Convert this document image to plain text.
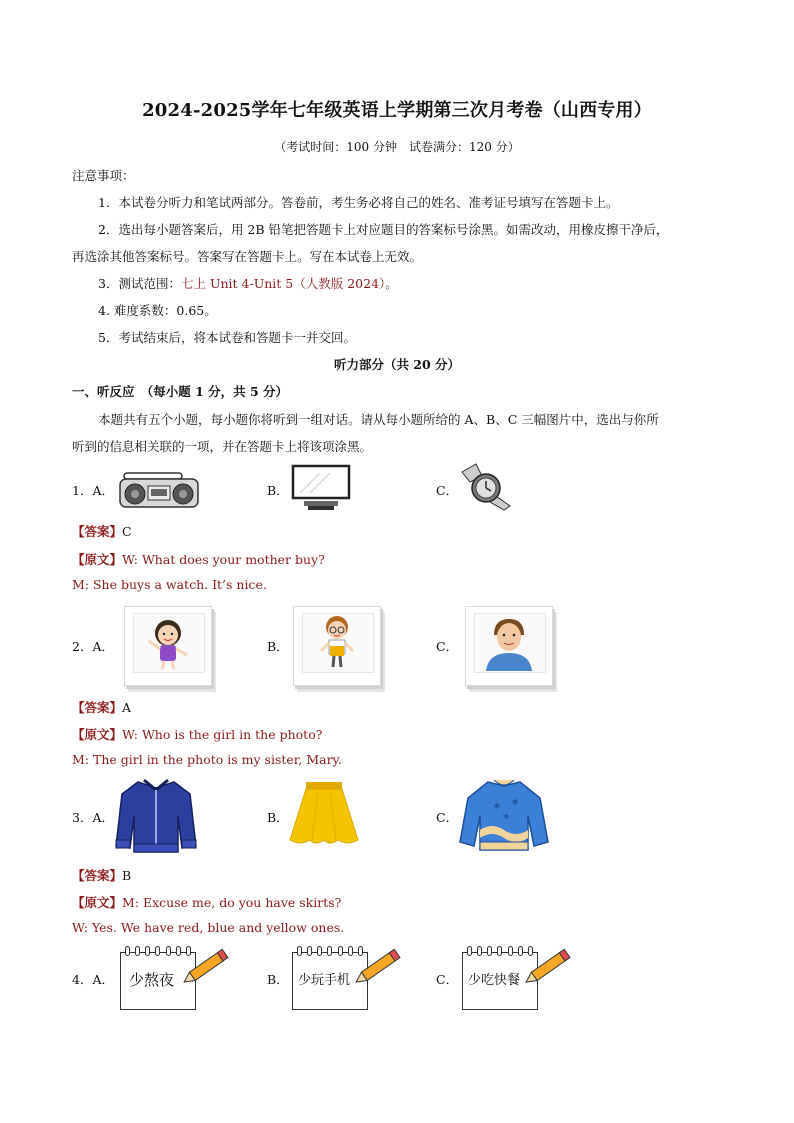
2024-2025学年七年级英语上学期第三次月考卷（山西专用）
（考试时间：100 分钟　试卷满分：120 分）
注意事项：
1．本试卷分听力和笔试两部分。答卷前，考生务必将自己的姓名、准考证号填写在答题卡上。
2．选出每小题答案后，用 2B 铅笔把答题卡上对应题目的答案标号涂黑。如需改动，用橡皮擦干净后，
再选涂其他答案标号。答案写在答题卡上。写在本试卷上无效。
3．测试范围：七上 Unit 4-Unit 5（人教版 2024）。
4. 难度系数：0.65。
5．考试结束后，将本试卷和答题卡一并交回。
听力部分（共 20 分）
一、听反应　（每小题 1 分，共 5 分）
本题共有五个小题，每小题你将听到一组对话。请从每小题所给的 A、B、C 三幅图片中，选出与你所
听到的信息相关联的一项，并在答题卡上将该项涂黑。
1．A．	B．	C．
【答案】C
【原文】W: What does your mother buy?
M: She buys a watch. It’s nice.
2．A．	B．	C．
【答案】A
【原文】W: Who is the girl in the photo?
M: The girl in the photo is my sister, Mary.
3．A．	B．	C．
✶ ✶
✶
【答案】B
【原文】M: Excuse me, do you have skirts?
W: Yes. We have red, blue and yellow ones.
4．A．	少熬夜	B． 少玩手机	C． 少吃快餐
